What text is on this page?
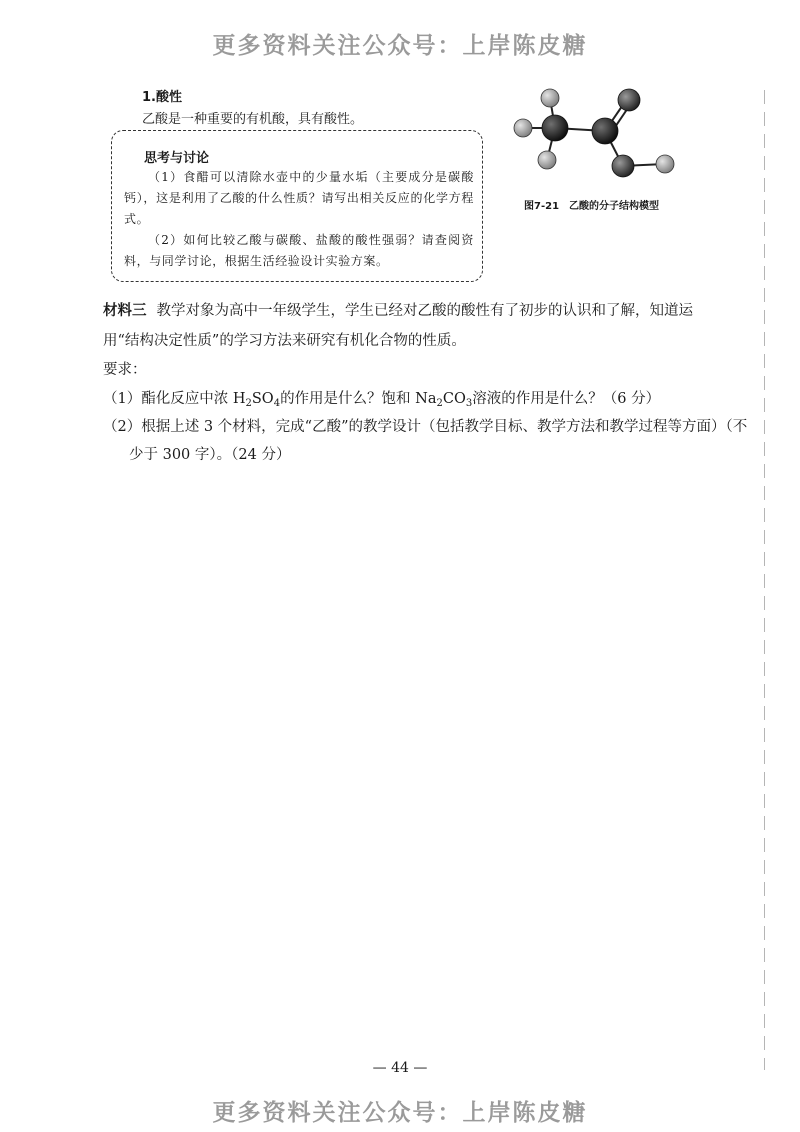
更多资料关注公众号：上岸陈皮糖
1.酸性
乙酸是一种重要的有机酸，具有酸性。
思考与讨论

（1）食醋可以清除水壶中的少量水垢（主要成分是碳酸钙），这是利用了乙酸的什么性质？请写出相关反应的化学方程式。

（2）如何比较乙酸与碳酸、盐酸的酸性强弱？请查阅资料，与同学讨论，根据生活经验设计实验方案。

图7-21 乙酸的分子结构模型
材料三 教学对象为高中一年级学生，学生已经对乙酸的酸性有了初步的认识和了解，知道运用“结构决定性质”的学习方法来研究有机化合物的性质。
要求：
（1）酯化反应中浓 $H_2SO_4$的作用是什么？饱和 $Na_2CO_3$溶液的作用是什么？（6 分）
（2）根据上述 3 个材料，完成“乙酸”的教学设计（包括教学目标、教学方法和教学过程等方面）（不少于 300 字）。（24 分）
— 44 —
更多资料关注公众号：上岸陈皮糖
